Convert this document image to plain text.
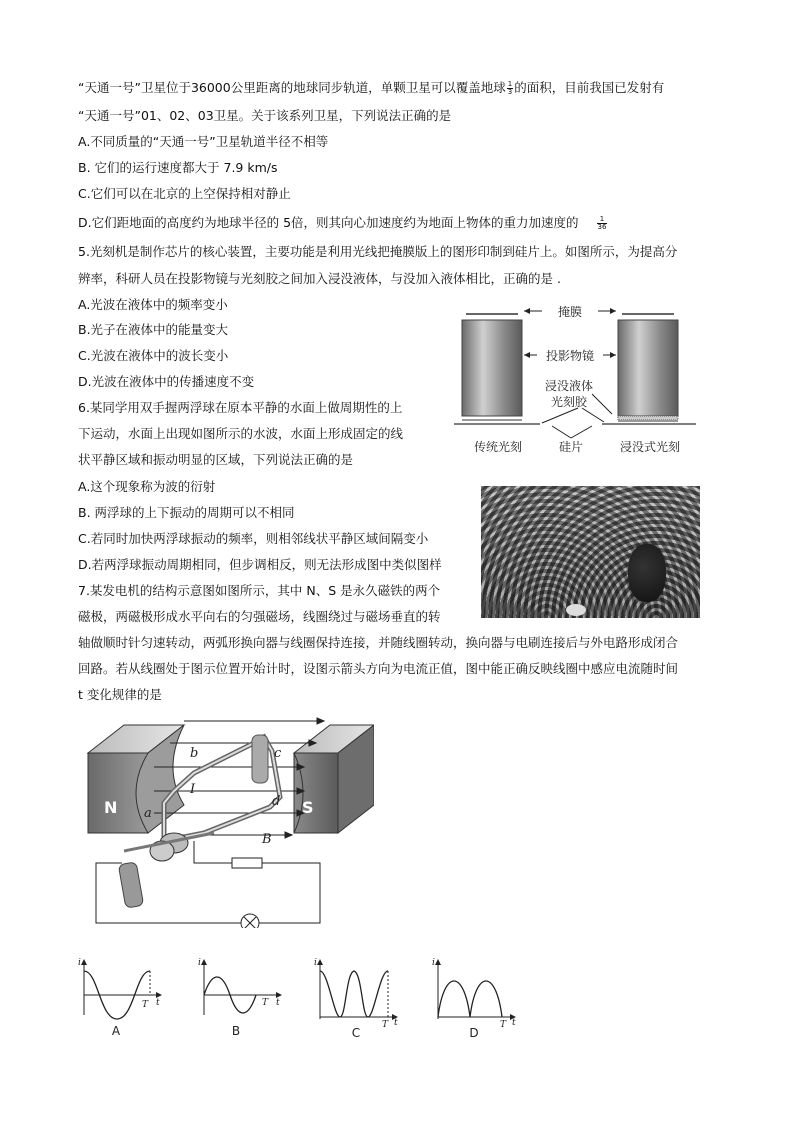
“天通一号”卫星位于36000公里距离的地球同步轨道，单颗卫星可以覆盖地球 $\frac{1}{3}$ 的面积，目前我国已发射有
“天通一号”01、02、03卫星。关于该系列卫星，下列说法正确的是
A.不同质量的“天通一号”卫星轨道半径不相等
B. 它们的运行速度都大于 7.9 km/s
C.它们可以在北京的上空保持相对静止
D.它们距地面的高度约为地球半径的 5倍，则其向心加速度约为地面上物体的重力加速度的	$\frac{1}{36}$
5.光刻机是制作芯片的核心装置，主要功能是利用光线把掩膜版上的图形印制到硅片上。如图所示，为提高分
辨率，科研人员在投影物镜与光刻胶之间加入浸没液体，与没加入液体相比，正确的是 .
A.光波在液体中的频率变小
B.光子在液体中的能量变大
C.光波在液体中的波长变小
D.光波在液体中的传播速度不变
掩膜
投影物镜
浸没液体
光刻胶
硅片
传统光刻	浸没式光刻
6.某同学用双手握两浮球在原本平静的水面上做周期性的上
下运动，水面上出现如图所示的水波，水面上形成固定的线
状平静区域和振动明显的区域，下列说法正确的是
A.这个现象称为波的衍射
B. 两浮球的上下振动的周期可以不相同
C.若同时加快两浮球振动的频率，则相邻线状平静区域间隔变小
D.若两浮球振动周期相同，但步调相反，则无法形成图中类似图样
7.某发电机的结构示意图如图所示，其中 N、S 是永久磁铁的两个
磁极，两磁极形成水平向右的匀强磁场，线圈绕过与磁场垂直的转
轴做顺时针匀速转动，两弧形换向器与线圈保持连接，并随线圈转动，换向器与电刷连接后与外电路形成闭合
回路。若从线圈处于图示位置开始计时，设图示箭头方向为电流正值，图中能正确反映线圈中感应电流随时间
t 变化规律的是
N	S
a
b	c
d
I
B
i
t
T
A
i
t
T
B
i
t
T
C
i
t
T
D
